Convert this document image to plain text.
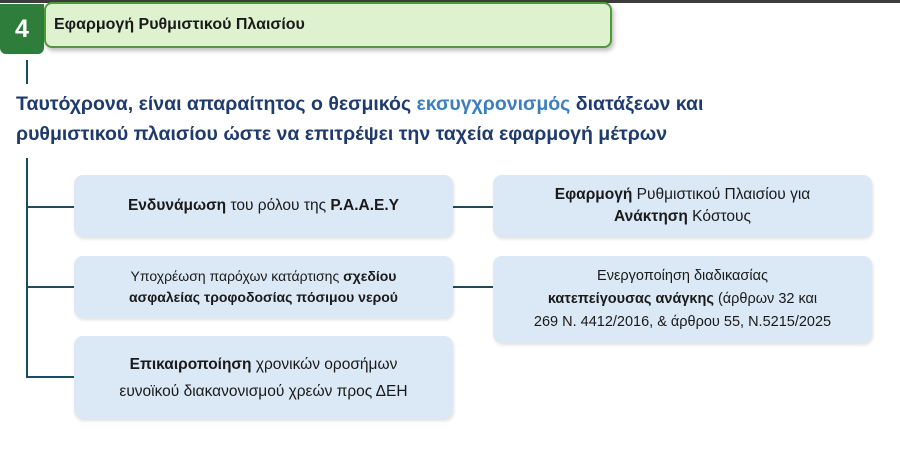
4 Εφαρμογή Ρυθμιστικού Πλαισίου
Ταυτόχρονα, είναι απαραίτητος ο θεσμικός εκσυγχρονισμός διατάξεων και
ρυθμιστικού πλαισίου ώστε να επιτρέψει την ταχεία εφαρμογή μέτρων
Ενδυνάμωση του ρόλου της Ρ.Α.Α.Ε.Υ
Υποχρέωση παρόχων κατάρτισης σχεδίου
ασφαλείας τροφοδοσίας πόσιμου νερού
Επικαιροποίηση χρονικών οροσήμων
ευνοϊκού διακανονισμού χρεών προς ΔΕΗ
Εφαρμογή Ρυθμιστικού Πλαισίου για
Ανάκτηση Κόστους
Ενεργοποίηση διαδικασίας
κατεπείγουσας ανάγκης (άρθρων 32 και
269 Ν. 4412/2016, & άρθρου 55, Ν.5215/2025
